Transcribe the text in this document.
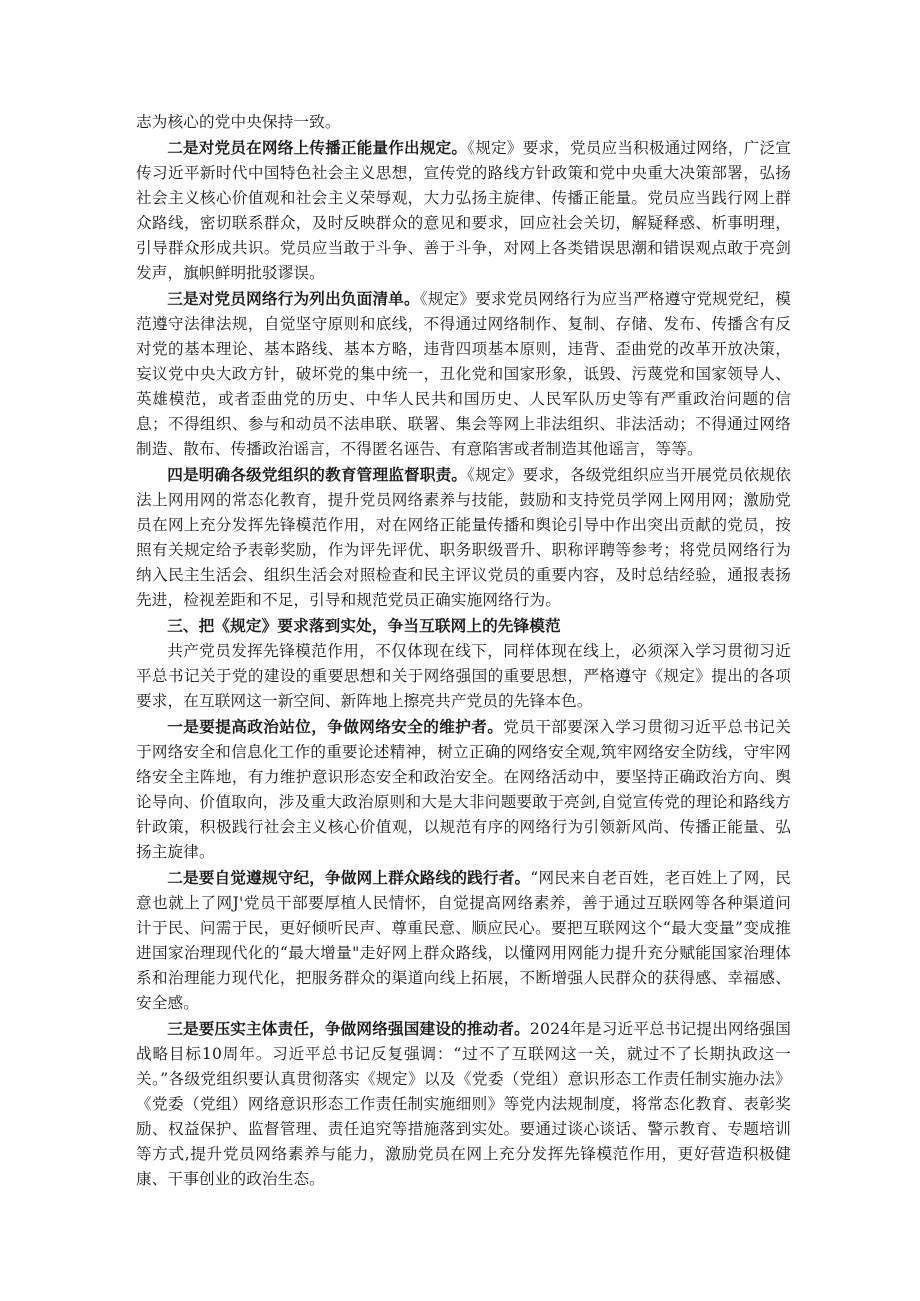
志为核心的党中央保持一致。

二是对党员在网络上传播正能量作出规定。《规定》要求，党员应当积极通过网络，广泛宣传习近平新时代中国特色社会主义思想，宣传党的路线方针政策和党中央重大决策部署，弘扬社会主义核心价值观和社会主义荣辱观，大力弘扬主旋律、传播正能量。党员应当践行网上群众路线，密切联系群众，及时反映群众的意见和要求，回应社会关切，解疑释惑、析事明理，引导群众形成共识。党员应当敢于斗争、善于斗争，对网上各类错误思潮和错误观点敢于亮剑发声，旗帜鲜明批驳谬误。

三是对党员网络行为列出负面清单。《规定》要求党员网络行为应当严格遵守党规党纪，模范遵守法律法规，自觉坚守原则和底线，不得通过网络制作、复制、存储、发布、传播含有反对党的基本理论、基本路线、基本方略，违背四项基本原则，违背、歪曲党的改革开放决策，妄议党中央大政方针，破坏党的集中统一，丑化党和国家形象，诋毁、污蔑党和国家领导人、英雄模范，或者歪曲党的历史、中华人民共和国历史、人民军队历史等有严重政治问题的信息；不得组织、参与和动员不法串联、联署、集会等网上非法组织、非法活动；不得通过网络制造、散布、传播政治谣言，不得匿名诬告、有意陷害或者制造其他谣言，等等。

四是明确各级党组织的教育管理监督职责。《规定》要求，各级党组织应当开展党员依规依法上网用网的常态化教育，提升党员网络素养与技能，鼓励和支持党员学网上网用网；激励党员在网上充分发挥先锋模范作用，对在网络正能量传播和舆论引导中作出突出贡献的党员，按照有关规定给予表彰奖励，作为评先评优、职务职级晋升、职称评聘等参考；将党员网络行为纳入民主生活会、组织生活会对照检查和民主评议党员的重要内容，及时总结经验，通报表扬先进，检视差距和不足，引导和规范党员正确实施网络行为。

三、把《规定》要求落到实处，争当互联网上的先锋模范

共产党员发挥先锋模范作用，不仅体现在线下，同样体现在线上，必须深入学习贯彻习近平总书记关于党的建设的重要思想和关于网络强国的重要思想，严格遵守《规定》提出的各项要求，在互联网这一新空间、新阵地上擦亮共产党员的先锋本色。

一是要提高政治站位，争做网络安全的维护者。党员干部要深入学习贯彻习近平总书记关于网络安全和信息化工作的重要论述精神，树立正确的网络安全观,筑牢网络安全防线，守牢网络安全主阵地，有力维护意识形态安全和政治安全。在网络活动中，要坚持正确政治方向、舆论导向、价值取向，涉及重大政治原则和大是大非问题要敢于亮剑,自觉宣传党的理论和路线方针政策，积极践行社会主义核心价值观，以规范有序的网络行为引领新风尚、传播正能量、弘扬主旋律。

二是要自觉遵规守纪，争做网上群众路线的践行者。“网民来自老百姓，老百姓上了网，民意也就上了网J'党员干部要厚植人民情怀，自觉提高网络素养，善于通过互联网等各种渠道问计于民、问需于民，更好倾听民声、尊重民意、顺应民心。要把互联网这个“最大变量”变成推进国家治理现代化的“最大增量"走好网上群众路线，以懂网用网能力提升充分赋能国家治理体系和治理能力现代化，把服务群众的渠道向线上拓展，不断增强人民群众的获得感、幸福感、安全感。

三是要压实主体责任，争做网络强国建设的推动者。2024年是习近平总书记提出网络强国战略目标10周年。习近平总书记反复强调：“过不了互联网这一关，就过不了长期执政这一关。”各级党组织要认真贯彻落实《规定》以及《党委（党组）意识形态工作责任制实施办法》《党委（党组）网络意识形态工作责任制实施细则》等党内法规制度，将常态化教育、表彰奖励、权益保护、监督管理、责任追究等措施落到实处。要通过谈心谈话、警示教育、专题培训等方式,提升党员网络素养与能力，激励党员在网上充分发挥先锋模范作用，更好营造积极健康、干事创业的政治生态。
